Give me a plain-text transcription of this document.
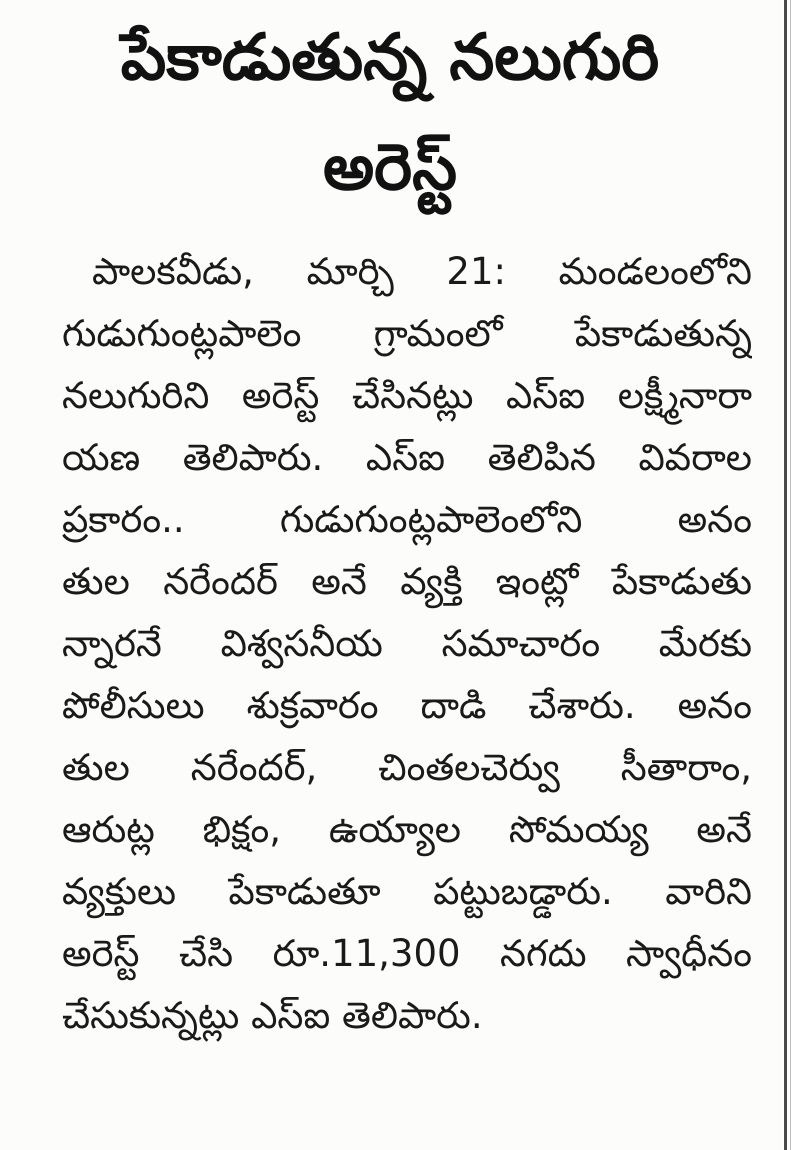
పేకాడుతున్న నలుగురి
అరెస్ట్

పాలకవీడు, మార్చి 21: మండలంలోని

గుడుగుంట్లపాలెం గ్రామంలో పేకాడుతున్న

నలుగురిని అరెస్ట్ చేసినట్లు ఎస్ఐ లక్ష్మీనారా

యణ తెలిపారు. ఎస్ఐ తెలిపిన వివరాల

ప్రకారం.. గుడుగుంట్లపాలెంలోని అనం

తుల నరేందర్ అనే వ్యక్తి ఇంట్లో పేకాడుతు

న్నారనే విశ్వసనీయ సమాచారం మేరకు

పోలీసులు శుక్రవారం దాడి చేశారు. అనం

తుల నరేందర్, చింతలచెర్వు సీతారాం,

ఆరుట్ల భిక్షం, ఉయ్యాల సోమయ్య అనే

వ్యక్తులు పేకాడుతూ పట్టుబడ్డారు. వారిని

అరెస్ట్ చేసి రూ.11,300 నగదు స్వాధీనం

చేసుకున్నట్లు ఎస్ఐ తెలిపారు.
